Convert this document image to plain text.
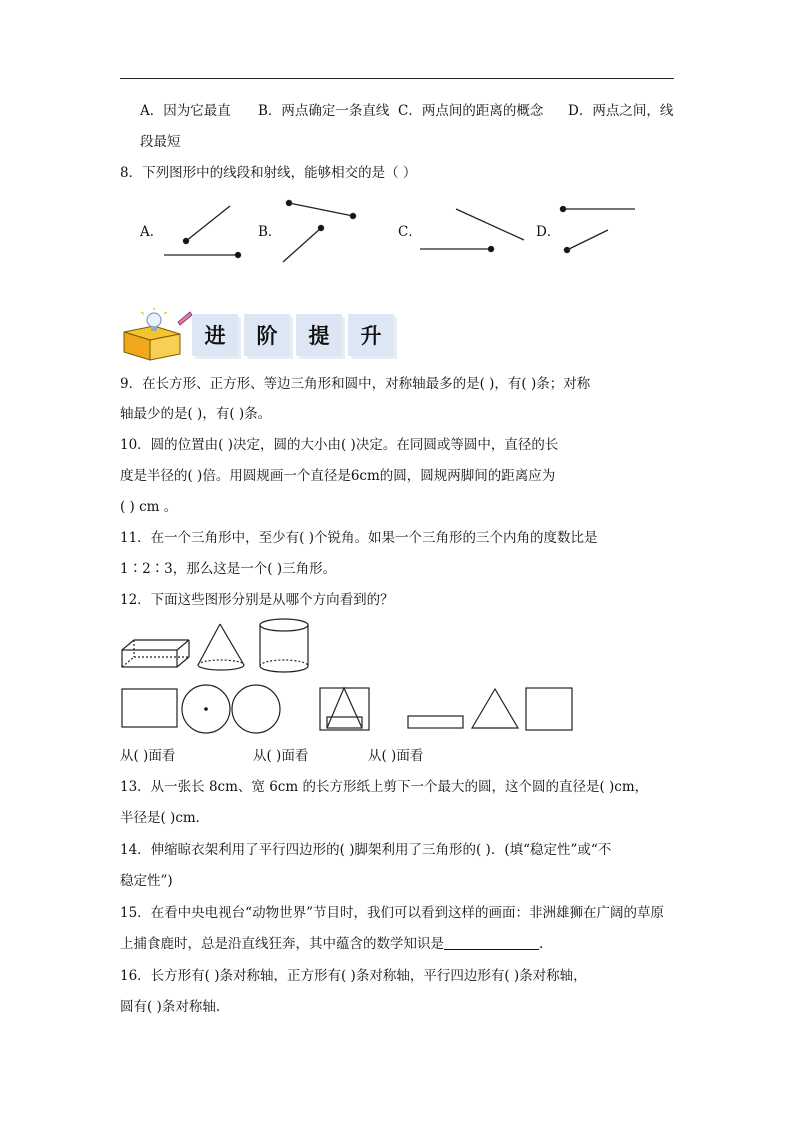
A．因为它最直 B．两点确定一条直线 C．两点间的距离的概念 D．两点之间，线
段最短
8．下列图形中的线段和射线，能够相交的是（ ）
A．	B．	C．	D．
进	阶	提	升
9．在长方形、正方形、等边三角形和圆中，对称轴最多的是( )，有( )条；对称
轴最少的是( )，有( )条。
10．圆的位置由( )决定，圆的大小由( )决定。在同圆或等圆中，直径的长
度是半径的( )倍。用圆规画一个直径是6cm的圆，圆规两脚间的距离应为
( ) cm 。
11．在一个三角形中，至少有( )个锐角。如果一个三角形的三个内角的度数比是
1∶2∶3，那么这是一个( )三角形。
12．下面这些图形分别是从哪个方向看到的？
从( )面看	从( )面看	从( )面看
13．从一张长 8cm、宽 6cm 的长方形纸上剪下一个最大的圆，这个圆的直径是( )cm，
半径是( )cm．
14．伸缩晾衣架利用了平行四边形的( )脚架利用了三角形的( )．(填“稳定性”或“不
稳定性”)
15．在看中央电视台“动物世界”节目时，我们可以看到这样的画面：非洲雄狮在广阔的草原
上捕食鹿时，总是沿直线狂奔，其中蕴含的数学知识是	.
16．长方形有( )条对称轴，正方形有( )条对称轴，平行四边形有( )条对称轴，
圆有( )条对称轴.
